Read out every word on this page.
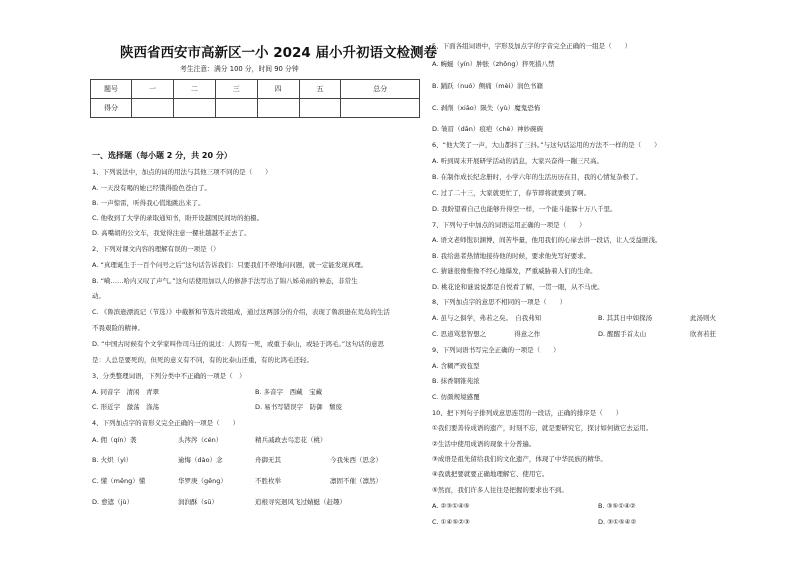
陕西省西安市高新区一小 2024 届小升初语文检测卷
考生注意：满分 100 分，时间 90 分钟
题号	一	二	三	四	五	总分
得分						
一、选择题（每小题 2 分，共 20 分）
1、下列说法中，加点的词的用法与其他三项不同的是（　　）
A. 一天没有喝的她已经饿得脸色苍白了。
B. 一声惊雷，听得我心慌地跳出来了。
C. 他收到了大学的录取通知书，盼开设越国民间坊的拍摄。
D. 高嘴胡的公文车，我觉得注意一摞社越越不正去了。
2、下列对课文内容的理解有误的一项是（）
A. “真理诞生于一百个问号之后”这句话告诉我们：只要我们不停地问问题，就一定能发现真理。
B. “嗬……哈内又叹了声气。”这句话使用加以人的修辞手法写出了锦八姊弟雨的神态，非常生
动。
C. 《鲁滨逊漂流记（节选）》中截断和节选片段组成，通过这两部分的介绍，表现了鲁滨逊在荒岛的生活
不畏艰险的精神。
D. “中国古时候有个文学家叫作司马迁的说过：人固有一死，或重于泰山，或轻于鸿毛。”这句话的意思
是：人总是要死的，但死的意义有不同，有的比泰山还重，有的比鸿毛还轻。
3、分类整理词语，下列分类中不正确的一项是（　）
A. 同音字　清闲　青翠	B. 多音字　西藏　宝藏
C. 形近字　激荡　涤荡	D. 易书写错误字　防御　颓废
4、下列加点字的音形义完全正确的一项是（　　）
A. 佣（qín）袭	头涔涔（cén）	精兵减政去鸟恋花（桃）
B. 火炽（yì）	逾悔（dào）念	舟御无其	今我朱西（思念）
C. 懂（mēng）懂	华罗庚（gēng）	不胜枚举	凛固不催（凛然）
D. 愈遮（jù）	润润酥（sū）	追根寻究迥风飞过蜻蜓（赶趣）
5、下面各组词语中，字形及加点字的字音完全正确的一组是（　　）
A. 蜿蜒（yín）肿胀（zhǒng）猝死措八禁
B. 踊跃（nuó）侧痛（mèi）润色书籍
C. 剥削（xiāo）陨失（yù）魔鬼恐怖
D. 皱眉（dān）痕疤（chè）神妙碗碗
6、“他大笑了一声，大山都抖了三抖。”与这句话运用的方法不一样的是（　　）
A. 听到周末开展研学活动的消息，大家兴奋得一蹦三尺高。
B. 在制作成长纪念册时，小学六年的生活历历在目，我的心情复杂极了。
C. 过了二十三，大家就更忙了，春节即将就要到了啊。
D. 我盼望着自己也能够升得空一样，一个能斗能躲十万八千里。
7、下列句子中加点的词语运用正确的一项是（　　）
A. 语文老师饱识渊博，间苦毕量，他用我们的心扉去讲一段话，让人受益匪浅。
B. 我给患者热情地接待他的时候，要求他先写好要求。
C. 猜谜很像惟像不经心地爆发，严重威胁着人们的生命。
D. 桃花论和谜说说都是自悦看了解，一贯一眼，从不马虎。
8、下列加点字的意思不相同的一项是（　　）
A. 虽与之俱学，弗若之矣。　自我弗知	B. 其其日中如探汤	此汤则火
C. 思道骂悲智想之　　　　 得意之作	D. 醒醒手首太山	欣喜若狂
9、下列词语书写完全正确的一项是（　　）
A. 含糊严致苞型
B. 抹香钢锥苑浓
C. 仿颜规境感覆
10、把下列句子排列成意思连贯的一段话，正确的排序是（　　）
①我们要善待成语的遗产，时刻不忘，就是要研究它，探讨如何做它去运用。
②生活中使用成语的现象十分普遍。
③成语是祖先留给我们的文化遗产，体现了中华民族的精华。
④我就把要就要正确地理解它、使用它。
⑤然而，我们许多人往往是把握的要求也不到。
A. ②③①④⑤	B. ③⑤①④②
C. ①④⑤②③	D. ③①⑤④②
